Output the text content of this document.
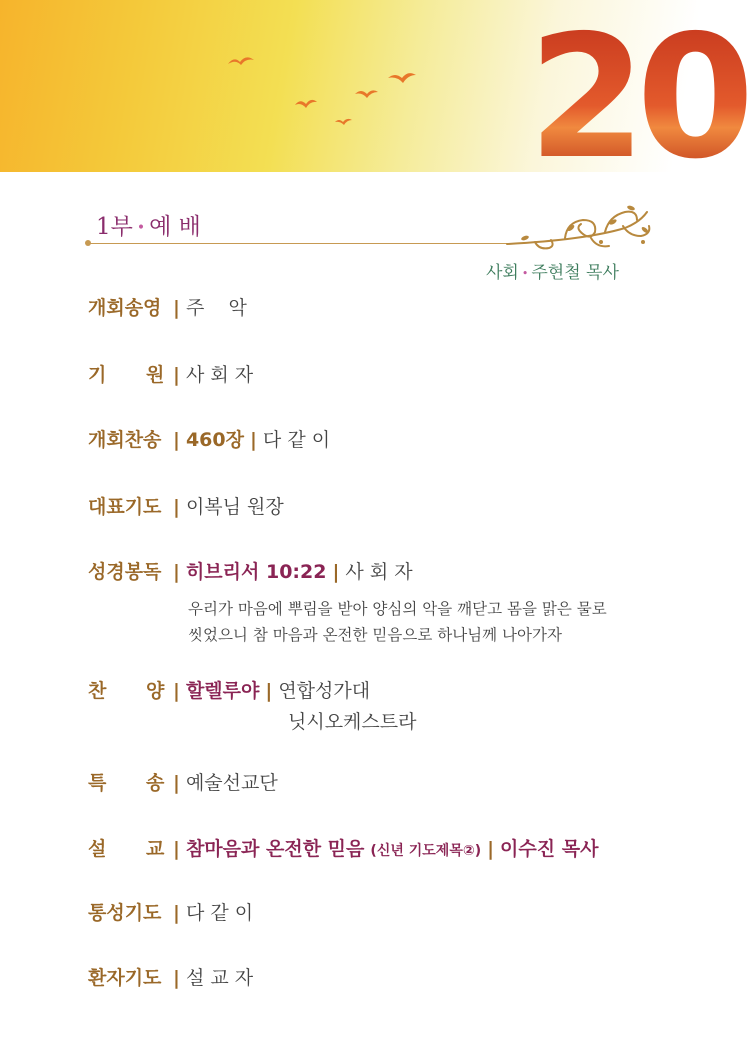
20
1부 • 예 배
사회 • 주현철 목사
개회송영 | 주    악
기      원 | 사 회 자
개회찬송 | 460장 | 다 같 이
대표기도 | 이복님 원장
성경봉독 | 히브리서 10:22 | 사 회 자
우리가 마음에 뿌림을 받아 양심의 악을 깨닫고 몸을 맑은 물로
씻었으니 참 마음과 온전한 믿음으로 하나님께 나아가자
찬      양 | 할렐루야 | 연합성가대
닛시오케스트라
특      송 | 예술선교단
설      교 | 참마음과 온전한 믿음 (신년 기도제목②) | 이수진 목사
통성기도 | 다 같 이
환자기도 | 설 교 자
